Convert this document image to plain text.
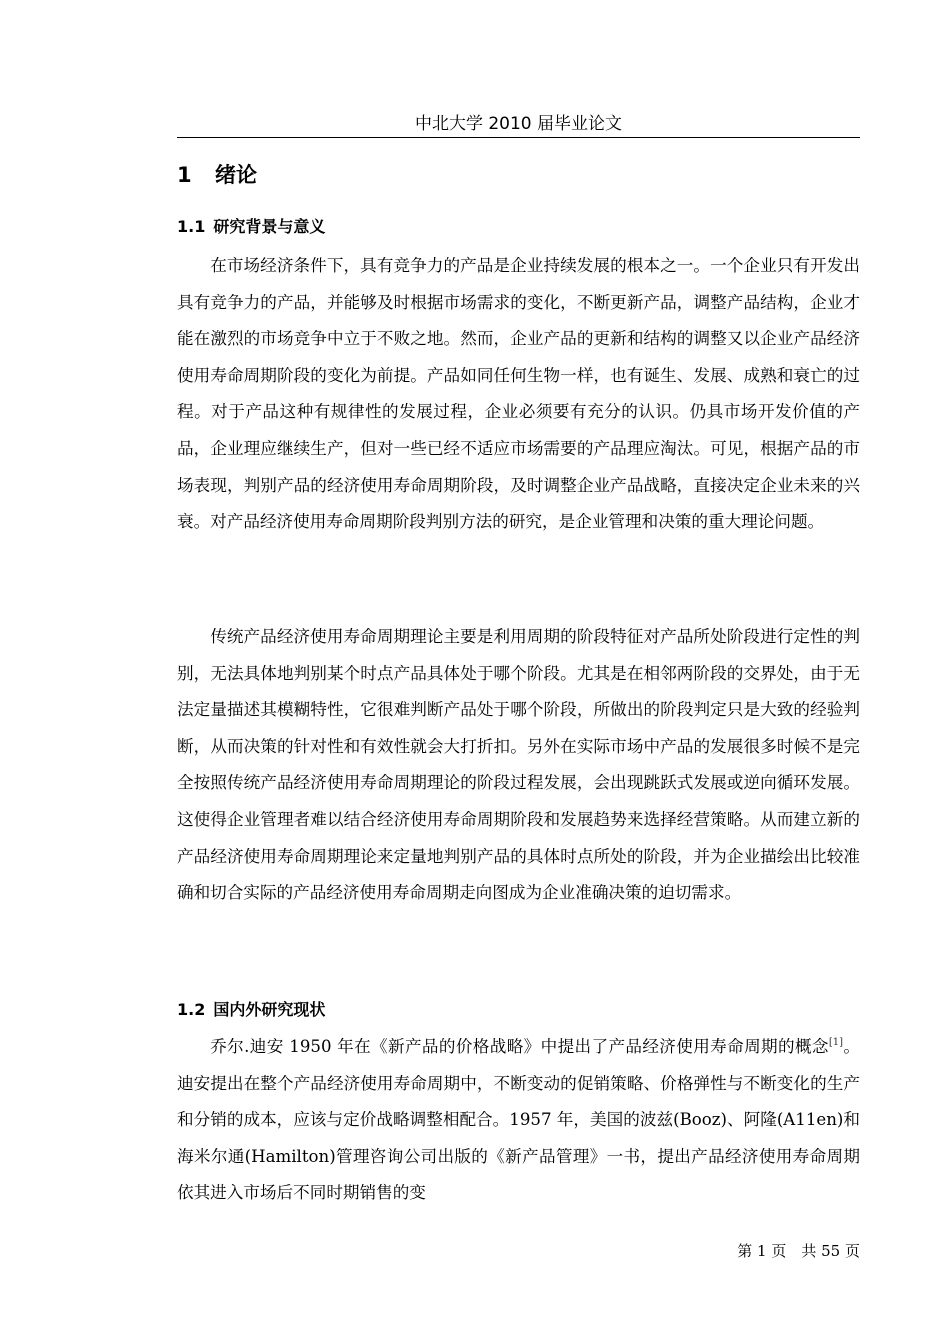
中北大学 2010 届毕业论文
1 绪论
1.1 研究背景与意义

在市场经济条件下，具有竞争力的产品是企业持续发展的根本之一。一个企业只有开发出具有竞争力的产品，并能够及时根据市场需求的变化，不断更新产品，调整产品结构，企业才能在激烈的市场竞争中立于不败之地。然而，企业产品的更新和结构的调整又以企业产品经济使用寿命周期阶段的变化为前提。产品如同任何生物一样，也有诞生、发展、成熟和衰亡的过程。对于产品这种有规律性的发展过程，企业必须要有充分的认识。仍具市场开发价值的产品，企业理应继续生产，但对一些已经不适应市场需要的产品理应淘汰。可见，根据产品的市场表现，判别产品的经济使用寿命周期阶段，及时调整企业产品战略，直接决定企业未来的兴衰。对产品经济使用寿命周期阶段判别方法的研究，是企业管理和决策的重大理论问题。

传统产品经济使用寿命周期理论主要是利用周期的阶段特征对产品所处阶段进行定性的判别，无法具体地判别某个时点产品具体处于哪个阶段。尤其是在相邻两阶段的交界处，由于无法定量描述其模糊特性，它很难判断产品处于哪个阶段，所做出的阶段判定只是大致的经验判断，从而决策的针对性和有效性就会大打折扣。另外在实际市场中产品的发展很多时候不是完全按照传统产品经济使用寿命周期理论的阶段过程发展，会出现跳跃式发展或逆向循环发展。这使得企业管理者难以结合经济使用寿命周期阶段和发展趋势来选择经营策略。从而建立新的产品经济使用寿命周期理论来定量地判别产品的具体时点所处的阶段，并为企业描绘出比较准确和切合实际的产品经济使用寿命周期走向图成为企业准确决策的迫切需求。

1.2 国内外研究现状

乔尔.迪安 1950 年在《新产品的价格战略》中提出了产品经济使用寿命周期的概念[1]。迪安提出在整个产品经济使用寿命周期中，不断变动的促销策略、价格弹性与不断变化的生产和分销的成本，应该与定价战略调整相配合。1957 年，美国的波兹(Booz)、阿隆(A11en)和海米尔通(Hamilton)管理咨询公司出版的《新产品管理》一书，提出产品经济使用寿命周期依其进入市场后不同时期销售的变

第 1 页　共 55 页
